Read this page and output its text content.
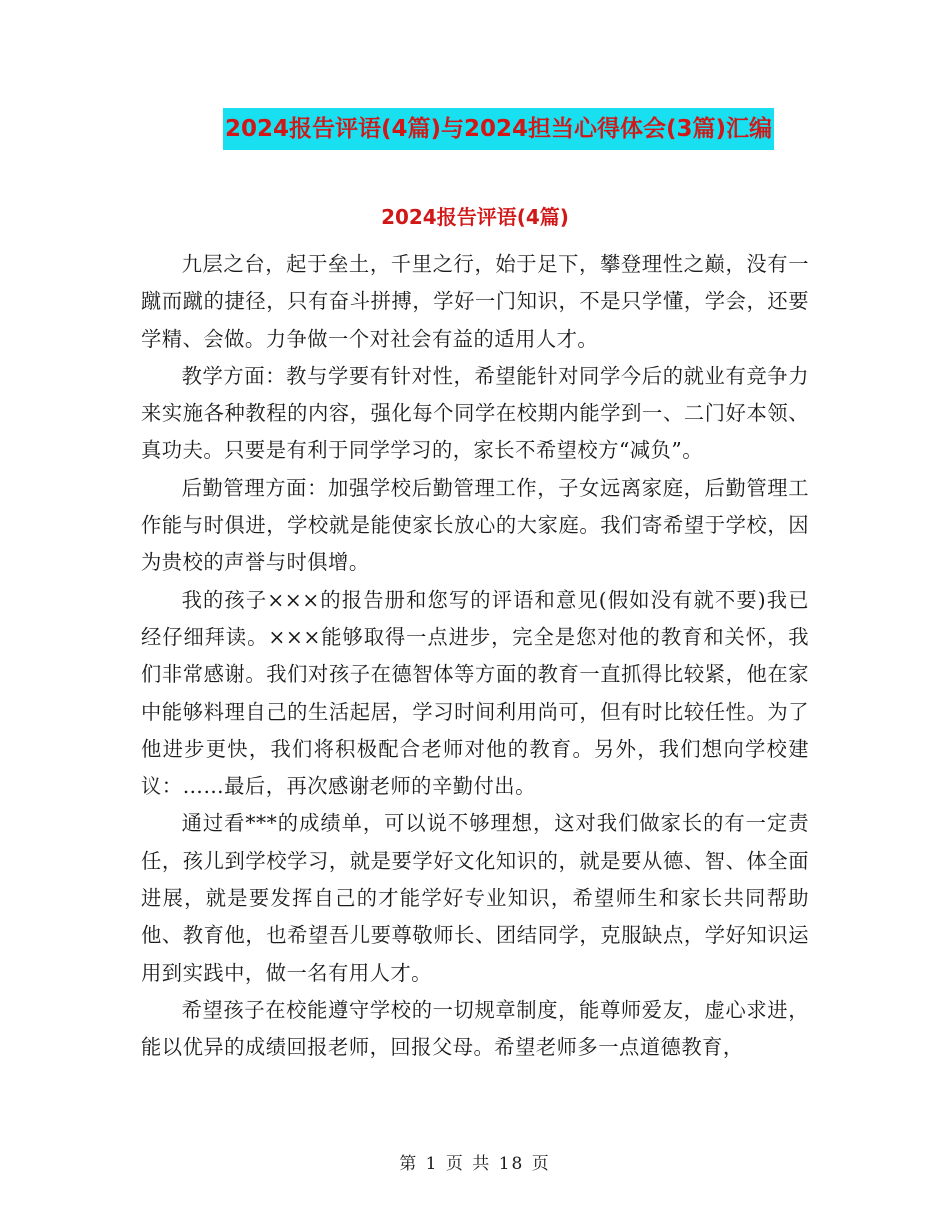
2024报告评语(4篇)与2024担当心得体会(3篇)汇编
2024报告评语(4篇)

九层之台，起于垒土，千里之行，始于足下，攀登理性之巅，没有一蹴而蹴的捷径，只有奋斗拼搏，学好一门知识，不是只学懂，学会，还要学精、会做。力争做一个对社会有益的适用人才。

教学方面：教与学要有针对性，希望能针对同学今后的就业有竞争力来实施各种教程的内容，强化每个同学在校期内能学到一、二门好本领、真功夫。只要是有利于同学学习的，家长不希望校方“减负”。

后勤管理方面：加强学校后勤管理工作，子女远离家庭，后勤管理工作能与时俱进，学校就是能使家长放心的大家庭。我们寄希望于学校，因为贵校的声誉与时俱增。

我的孩子×××的报告册和您写的评语和意见(假如没有就不要)我已经仔细拜读。×××能够取得一点进步，完全是您对他的教育和关怀，我们非常感谢。我们对孩子在德智体等方面的教育一直抓得比较紧，他在家中能够料理自己的生活起居，学习时间利用尚可，但有时比较任性。为了他进步更快，我们将积极配合老师对他的教育。另外，我们想向学校建议：……最后，再次感谢老师的辛勤付出。

通过看***的成绩单，可以说不够理想，这对我们做家长的有一定责任，孩儿到学校学习，就是要学好文化知识的，就是要从德、智、体全面进展，就是要发挥自己的才能学好专业知识，希望师生和家长共同帮助他、教育他，也希望吾儿要尊敬师长、团结同学，克服缺点，学好知识运用到实践中，做一名有用人才。

希望孩子在校能遵守学校的一切规章制度，能尊师爱友，虚心求进，能以优异的成绩回报老师，回报父母。希望老师多一点道德教育，

第 1 页 共 18 页
